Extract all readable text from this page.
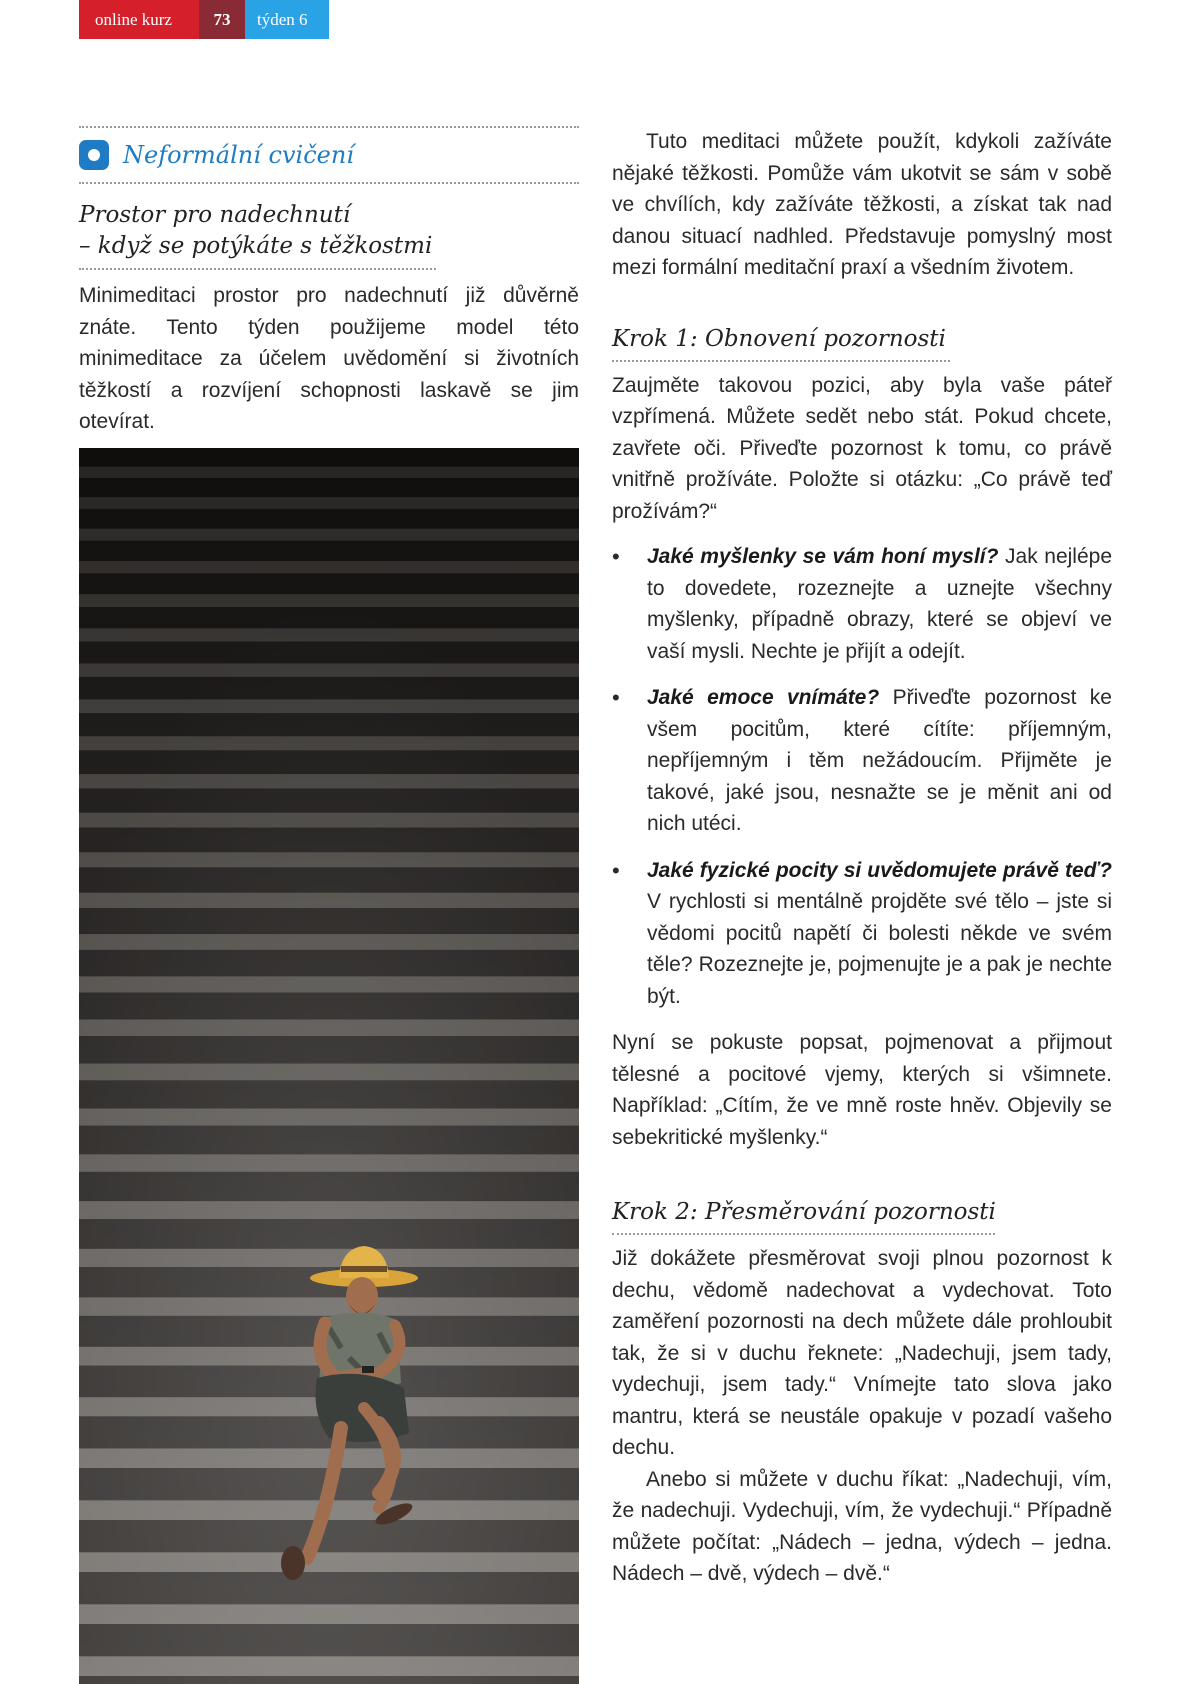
online kurz	73	týden 6
Neformální cvičení
Prostor pro nadechnutí
– když se potýkáte s těžkostmi

Minimeditaci prostor pro nadechnutí již důvěrně znáte. Tento týden použijeme model této minimeditace za účelem uvědomění si životních těžkostí a rozvíjení schopnosti laskavě se jim otevírat.

Tuto meditaci můžete použít, kdykoli zažíváte nějaké těžkosti. Pomůže vám ukotvit se sám v sobě ve chvílích, kdy zažíváte těžkosti, a získat tak nad danou situací nadhled. Představuje pomyslný most mezi formální meditační praxí a všedním životem.

Krok 1: Obnovení pozornosti

Zaujměte takovou pozici, aby byla vaše páteř vzpřímená. Můžete sedět nebo stát. Pokud chcete, zavřete oči. Přiveďte pozornost k tomu, co právě vnitřně prožíváte. Položte si otázku: „Co právě teď prožívám?“

• Jaké myšlenky se vám honí myslí? Jak nejlépe to dovedete, rozeznejte a uznejte všechny myšlenky, případně obrazy, které se objeví ve vaší mysli. Nechte je přijít a odejít.
• Jaké emoce vnímáte? Přiveďte pozornost ke všem pocitům, které cítíte: příjemným, nepříjemným i těm nežádoucím. Přijměte je takové, jaké jsou, nesnažte se je měnit ani od nich utéci.
• Jaké fyzické pocity si uvědomujete právě teď? V rychlosti si mentálně projděte své tělo – jste si vědomi pocitů napětí či bolesti někde ve svém těle? Rozeznejte je, pojmenujte je a pak je nechte být.

Nyní se pokuste popsat, pojmenovat a přijmout tělesné a pocitové vjemy, kterých si všimnete. Například: „Cítím, že ve mně roste hněv. Objevily se sebekritické myšlenky.“

Krok 2: Přesměrování pozornosti

Již dokážete přesměrovat svoji plnou pozornost k dechu, vědomě nadechovat a vydechovat. Toto zaměření pozornosti na dech můžete dále prohloubit tak, že si v duchu řeknete: „Nadechuji, jsem tady, vydechuji, jsem tady.“ Vnímejte tato slova jako mantru, která se neustále opakuje v pozadí vašeho dechu.

Anebo si můžete v duchu říkat: „Nadechuji, vím, že nadechuji. Vydechuji, vím, že vydechuji.“ Případně můžete počítat: „Nádech – jedna, výdech – jedna. Nádech – dvě, výdech – dvě.“
